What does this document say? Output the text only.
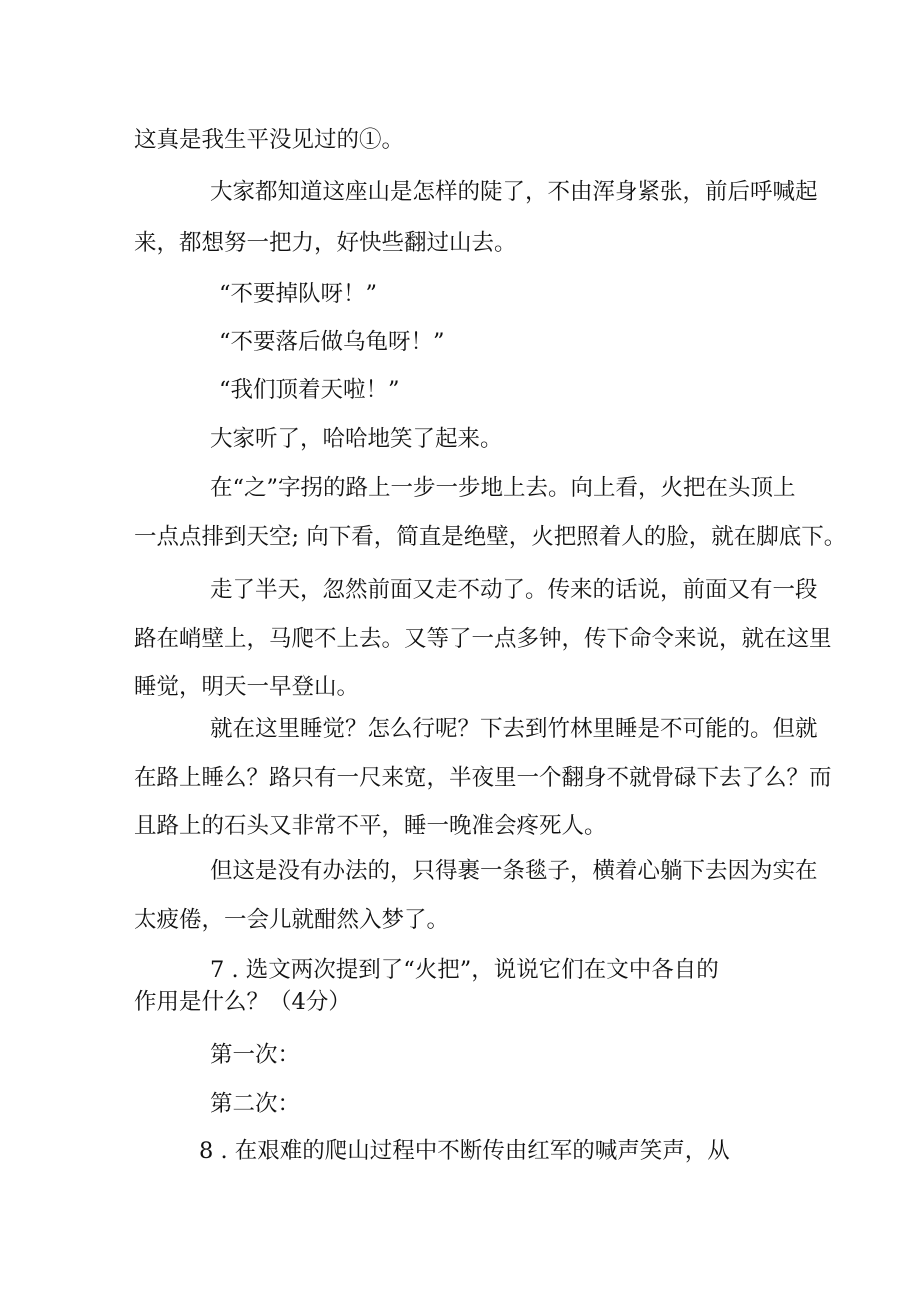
这真是我生平没见过的①。
大家都知道这座山是怎样的陡了，不由浑身紧张，前后呼喊起
来，都想努一把力，好快些翻过山去。
“不要掉队呀！”
“不要落后做乌龟呀！”
“我们顶着天啦！”
大家听了，哈哈地笑了起来。
在“之”字拐的路上一步一步地上去。向上看，火把在头顶上
一点点排到天空; 向下看，简直是绝壁，火把照着人的脸，就在脚底下。
走了半天，忽然前面又走不动了。传来的话说，前面又有一段
路在峭壁上，马爬不上去。又等了一点多钟，传下命令来说，就在这里
睡觉，明天一早登山。
就在这里睡觉？怎么行呢？下去到竹林里睡是不可能的。但就
在路上睡么？路只有一尺来宽，半夜里一个翻身不就骨碌下去了么？而
且路上的石头又非常不平，睡一晚准会疼死人。
但这是没有办法的，只得裹一条毯子，横着心躺下去因为实在
太疲倦，一会儿就酣然入梦了。
7 . 选文两次提到了“火把”，说说它们在文中各自的
作用是什么？（4分）
第一次：
第二次：
8 . 在艰难的爬山过程中不断传由红军的喊声笑声，从
